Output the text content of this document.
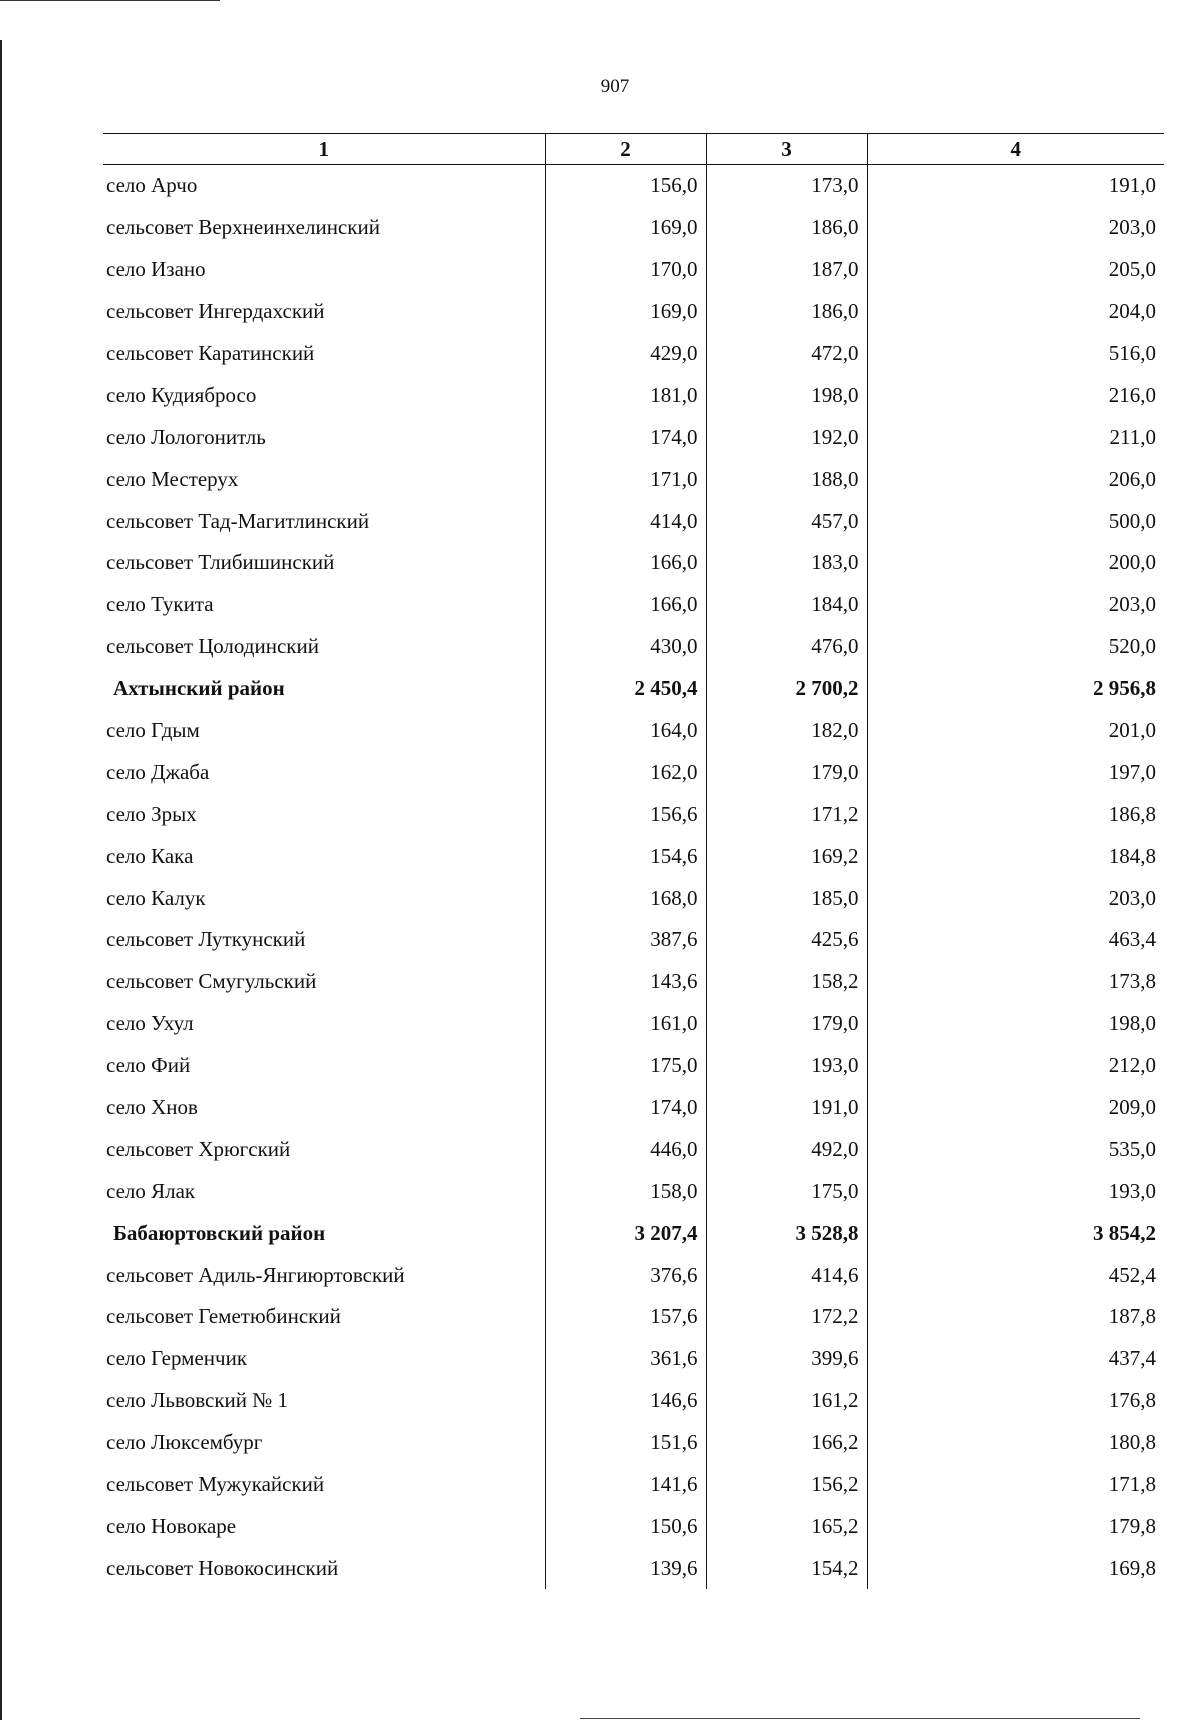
907
1	2	3	4
село Арчо	156,0	173,0	191,0
сельсовет Верхнеинхелинский	169,0	186,0	203,0
село Изано	170,0	187,0	205,0
сельсовет Ингердахский	169,0	186,0	204,0
сельсовет Каратинский	429,0	472,0	516,0
село Кудиябросо	181,0	198,0	216,0
село Лологонитль	174,0	192,0	211,0
село Местерух	171,0	188,0	206,0
сельсовет Тад-Магитлинский	414,0	457,0	500,0
сельсовет Тлибишинский	166,0	183,0	200,0
село Тукита	166,0	184,0	203,0
сельсовет Цолодинский	430,0	476,0	520,0
Ахтынский район	2 450,4	2 700,2	2 956,8
село Гдым	164,0	182,0	201,0
село Джаба	162,0	179,0	197,0
село Зрых	156,6	171,2	186,8
село Кака	154,6	169,2	184,8
село Калук	168,0	185,0	203,0
сельсовет Луткунский	387,6	425,6	463,4
сельсовет Смугульский	143,6	158,2	173,8
село Ухул	161,0	179,0	198,0
село Фий	175,0	193,0	212,0
село Хнов	174,0	191,0	209,0
сельсовет Хрюгский	446,0	492,0	535,0
село Ялак	158,0	175,0	193,0
Бабаюртовский район	3 207,4	3 528,8	3 854,2
сельсовет Адиль-Янгиюртовский	376,6	414,6	452,4
сельсовет Геметюбинский	157,6	172,2	187,8
село Герменчик	361,6	399,6	437,4
село Львовский № 1	146,6	161,2	176,8
село Люксембург	151,6	166,2	180,8
сельсовет Мужукайский	141,6	156,2	171,8
село Новокаре	150,6	165,2	179,8
сельсовет Новокосинский	139,6	154,2	169,8
